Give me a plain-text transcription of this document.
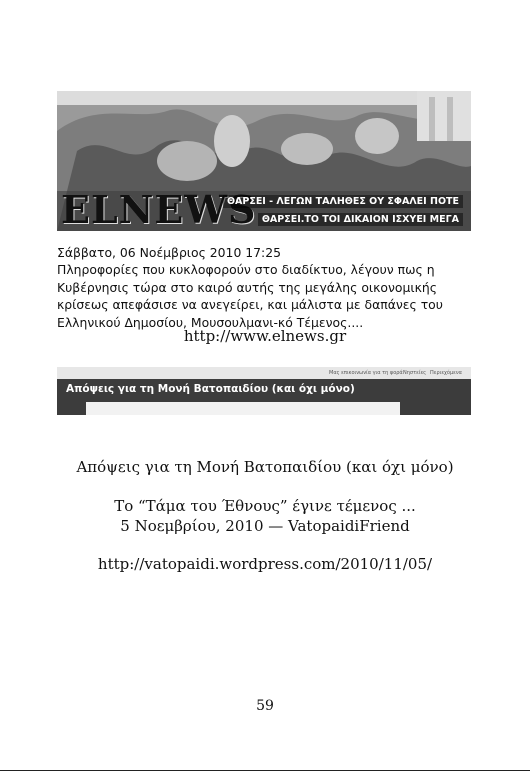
ELNEWS
ΘΑΡΣΕΙ - ΛΕΓΩΝ ΤΑΛΗΘΕΣ ΟΥ ΣΦΑΛΕΙ ΠΟΤΕ
ΘΑΡΣΕΙ.ΤΟ ΤΟΙ ΔΙΚΑΙΟΝ ΙΣΧΥΕΙ ΜΕΓΑ
Σάββατο, 06 Νοέμβριος 2010 17:25
Πληροφορίες που κυκλοφορούν στο διαδίκτυο, λέγουν πως η Κυβέρνησις τώρα στο καιρό αυτής της μεγάλης οικονομικής κρίσεως απεφάσισε να ανεγείρει, και μάλιστα με δαπάνες του Ελληνικού Δημοσίου, Μουσουλμανι-κό Τέμενος....
http://www.elnews.gr
Μας επικοινωνία για τη φορά Νηστείες Περιεχόμενα
Απόψεις για τη Μονή Βατοπαιδίου (και όχι μόνο)
Απόψεις για τη Μονή Βατοπαιδίου (και όχι μόνο)
Το “Τάμα του Έθνους” έγινε τέμενος ...
5 Νοεμβρίου, 2010 — VatopaidiFriend
http://vatopaidi.wordpress.com/2010/11/05/
59
